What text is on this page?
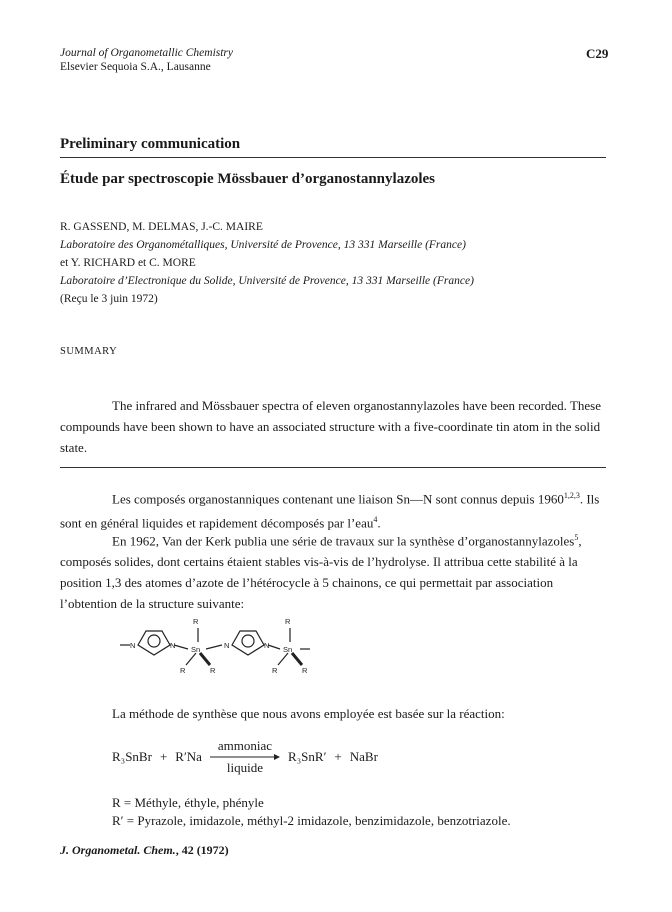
Journal of Organometallic Chemistry
Elsevier Sequoia S.A., Lausanne
C29
Preliminary communication
Étude par spectroscopie Mössbauer d’organostannylazoles
R. GASSEND, M. DELMAS, J.-C. MAIRE
Laboratoire des Organométalliques, Université de Provence, 13 331 Marseille (France)
et Y. RICHARD et C. MORE
Laboratoire d’Electronique du Solide, Université de Provence, 13 331 Marseille (France)
(Reçu le 3 juin 1972)
SUMMARY
The infrared and Mössbauer spectra of eleven organostannylazoles have been recorded. These compounds have been shown to have an associated structure with a five-coordinate tin atom in the solid state.
Les composés organostanniques contenant une liaison Sn—N sont connus depuis 1960$^{1,2,3}$. Ils sont en général liquides et rapidement décomposés par l’eau$^4$.
En 1962, Van der Kerk publia une série de travaux sur la synthèse d’organostannylazoles$^5$, composés solides, dont certains étaient stables vis-à-vis de l’hydrolyse. Il attribua cette stabilité à la position 1,3 des atomes d’azote de l’hétérocycle à 5 chainons, ce qui permettait par association l’obtention de la structure suivante:
N	N
R
Sn
R	R
N	N
R
Sn
R	R
La méthode de synthèse que nous avons employée est basée sur la réaction:
R₃SnBr + R′Na
ammoniac
liquide
R₃SnR′ + NaBr
R = Méthyle, éthyle, phényle
R′ = Pyrazole, imidazole, méthyl-2 imidazole, benzimidazole, benzotriazole.
J. Organometal. Chem., 42 (1972)
